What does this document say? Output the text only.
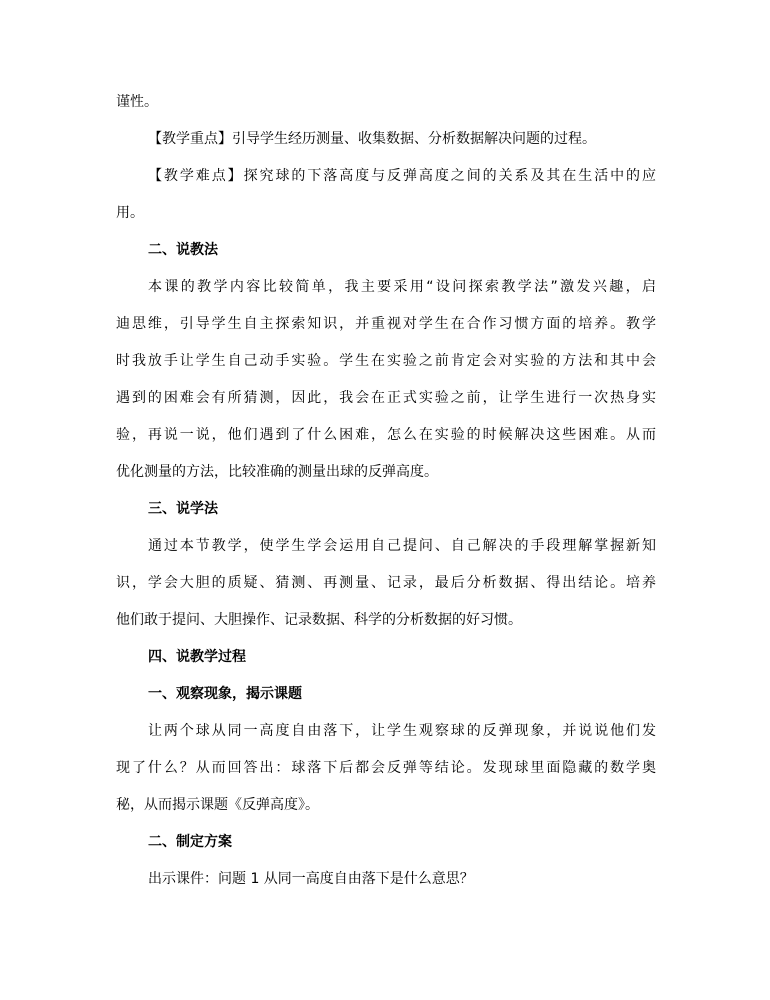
谨性。
【教学重点】引导学生经历测量、收集数据、分析数据解决问题的过程。
【教学难点】探究球的下落高度与反弹高度之间的关系及其在生活中的应
用。
二、说教法
本课的教学内容比较简单，我主要采用“设问探索教学法”激发兴趣，启
迪思维，引导学生自主探索知识，并重视对学生在合作习惯方面的培养。教学
时我放手让学生自己动手实验。学生在实验之前肯定会对实验的方法和其中会
遇到的困难会有所猜测，因此，我会在正式实验之前，让学生进行一次热身实
验，再说一说，他们遇到了什么困难，怎么在实验的时候解决这些困难。从而
优化测量的方法，比较准确的测量出球的反弹高度。
三、说学法
通过本节教学，使学生学会运用自己提问、自己解决的手段理解掌握新知
识，学会大胆的质疑、猜测、再测量、记录，最后分析数据、得出结论。培养
他们敢于提问、大胆操作、记录数据、科学的分析数据的好习惯。
四、说教学过程
一、观察现象，揭示课题
让两个球从同一高度自由落下，让学生观察球的反弹现象，并说说他们发
现了什么？从而回答出：球落下后都会反弹等结论。发现球里面隐藏的数学奥
秘，从而揭示课题《反弹高度》。
二、制定方案
出示课件：问题 1 从同一高度自由落下是什么意思？
